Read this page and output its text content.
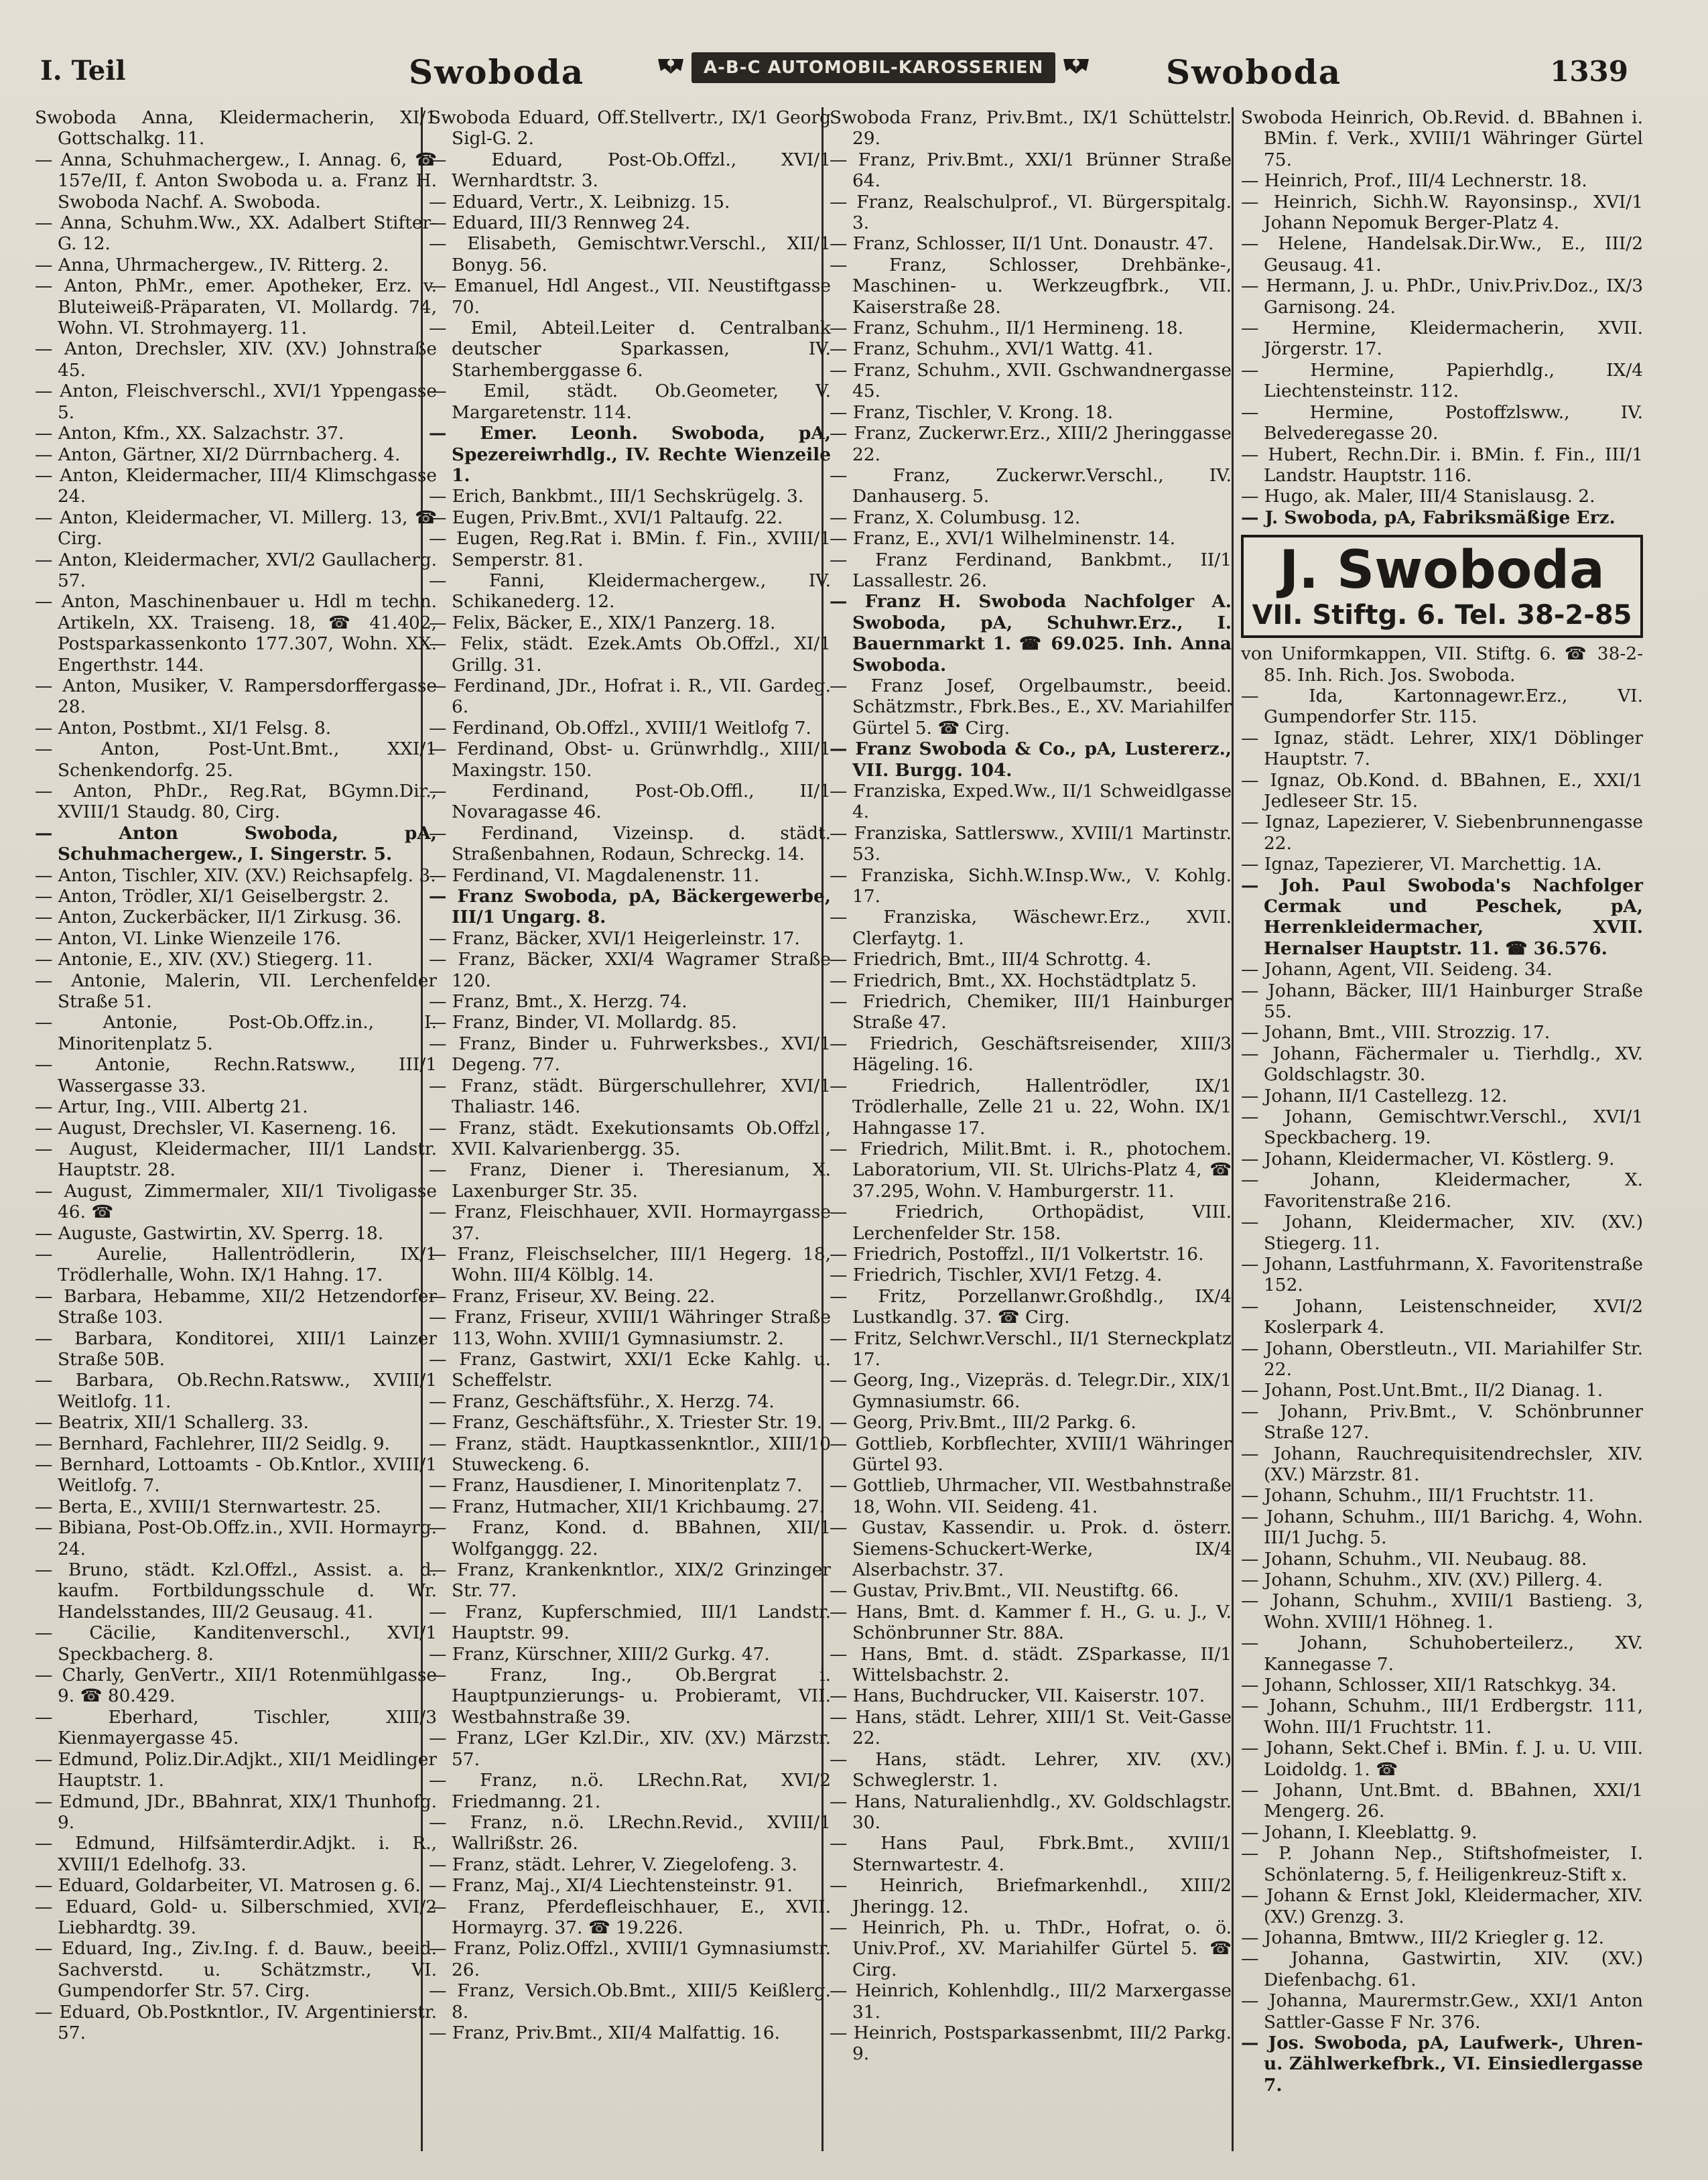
I. Teil	Swoboda	A-B-C AUTOMOBIL-KAROSSERIEN	Swoboda	1339

Swoboda Anna, Kleidermacherin, XI/1 Gottschalkg. 11.

— Anna, Schuhmachergew., I. Annag. 6, ☎ 157e/II, f. Anton Swoboda u. a. Franz H. Swoboda Nachf. A. Swoboda.

— Anna, Schuhm.Ww., XX. Adalbert Stifter-G. 12.

— Anna, Uhrmachergew., IV. Ritterg. 2.

— Anton, PhMr., emer. Apotheker, Erz. v. Bluteiweiß-Präparaten, VI. Mollardg. 74, Wohn. VI. Strohmayerg. 11.

— Anton, Drechsler, XIV. (XV.) Johnstraße 45.

— Anton, Fleischverschl., XVI/1 Yppengasse 5.

— Anton, Kfm., XX. Salzachstr. 37.

— Anton, Gärtner, XI/2 Dürrnbacherg. 4.

— Anton, Kleidermacher, III/4 Klimschgasse 24.

— Anton, Kleidermacher, VI. Millerg. 13, ☎ Cirg.

— Anton, Kleidermacher, XVI/2 Gaullacherg. 57.

— Anton, Maschinenbauer u. Hdl m techn. Artikeln, XX. Traiseng. 18, ☎ 41.402, Postsparkassenkonto 177.307, Wohn. XX. Engerthstr. 144.

— Anton, Musiker, V. Rampersdorffergasse 28.

— Anton, Postbmt., XI/1 Felsg. 8.

— Anton, Post-Unt.Bmt., XXI/1 Schenkendorfg. 25.

— Anton, PhDr., Reg.Rat, BGymn.Dir., XVIII/1 Staudg. 80, Cirg.

— Anton Swoboda, pA, Schuhmachergew., I. Singerstr. 5.

— Anton, Tischler, XIV. (XV.) Reichsapfelg. 3.

— Anton, Trödler, XI/1 Geiselbergstr. 2.

— Anton, Zuckerbäcker, II/1 Zirkusg. 36.

— Anton, VI. Linke Wienzeile 176.

— Antonie, E., XIV. (XV.) Stiegerg. 11.

— Antonie, Malerin, VII. Lerchenfelder Straße 51.

— Antonie, Post-Ob.Offz.in., I. Minoritenplatz 5.

— Antonie, Rechn.Ratsww., III/1 Wassergasse 33.

— Artur, Ing., VIII. Albertg 21.

— August, Drechsler, VI. Kaserneng. 16.

— August, Kleidermacher, III/1 Landstr. Hauptstr. 28.

— August, Zimmermaler, XII/1 Tivoligasse 46. ☎

— Auguste, Gastwirtin, XV. Sperrg. 18.

— Aurelie, Hallentrödlerin, IX/1 Trödlerhalle, Wohn. IX/1 Hahng. 17.

— Barbara, Hebamme, XII/2 Hetzendorfer Straße 103.

— Barbara, Konditorei, XIII/1 Lainzer Straße 50B.

— Barbara, Ob.Rechn.Ratsww., XVIII/1 Weitlofg. 11.

— Beatrix, XII/1 Schallerg. 33.

— Bernhard, Fachlehrer, III/2 Seidlg. 9.

— Bernhard, Lottoamts - Ob.Kntlor., XVIII/1 Weitlofg. 7.

— Berta, E., XVIII/1 Sternwartestr. 25.

— Bibiana, Post-Ob.Offz.in., XVII. Hormayrg. 24.

— Bruno, städt. Kzl.Offzl., Assist. a. d. kaufm. Fortbildungsschule d. Wr. Handelsstandes, III/2 Geusaug. 41.

— Cäcilie, Kanditenverschl., XVI/1 Speckbacherg. 8.

— Charly, GenVertr., XII/1 Rotenmühlgasse 9. ☎ 80.429.

— Eberhard, Tischler, XIII/3 Kienmayergasse 45.

— Edmund, Poliz.Dir.Adjkt., XII/1 Meidlinger Hauptstr. 1.

— Edmund, JDr., BBahnrat, XIX/1 Thunhofg. 9.

— Edmund, Hilfsämterdir.Adjkt. i. R., XVIII/1 Edelhofg. 33.

— Eduard, Goldarbeiter, VI. Matrosen g. 6.

— Eduard, Gold- u. Silberschmied, XVI/2 Liebhardtg. 39.

— Eduard, Ing., Ziv.Ing. f. d. Bauw., beeid. Sachverstd. u. Schätzmstr., VI. Gumpendorfer Str. 57. Cirg.

— Eduard, Ob.Postkntlor., IV. Argentinierstr. 57.

Swoboda Eduard, Off.Stellvertr., IX/1 Georg Sigl-G. 2.

— Eduard, Post-Ob.Offzl., XVI/1 Wernhardtstr. 3.

— Eduard, Vertr., X. Leibnizg. 15.

— Eduard, III/3 Rennweg 24.

— Elisabeth, Gemischtwr.Verschl., XII/1 Bonyg. 56.

— Emanuel, Hdl Angest., VII. Neustiftgasse 70.

— Emil, Abteil.Leiter d. Centralbank deutscher Sparkassen, IV. Starhemberggasse 6.

— Emil, städt. Ob.Geometer, V. Margaretenstr. 114.

— Emer. Leonh. Swoboda, pA, Spezereiwrhdlg., IV. Rechte Wienzeile 1.

— Erich, Bankbmt., III/1 Sechskrügelg. 3.

— Eugen, Priv.Bmt., XVI/1 Paltaufg. 22.

— Eugen, Reg.Rat i. BMin. f. Fin., XVIII/1 Semperstr. 81.

— Fanni, Kleidermachergew., IV. Schikanederg. 12.

— Felix, Bäcker, E., XIX/1 Panzerg. 18.

— Felix, städt. Ezek.Amts Ob.Offzl., XI/1 Grillg. 31.

— Ferdinand, JDr., Hofrat i. R., VII. Gardeg. 6.

— Ferdinand, Ob.Offzl., XVIII/1 Weitlofg 7.

— Ferdinand, Obst- u. Grünwrhdlg., XIII/1 Maxingstr. 150.

— Ferdinand, Post-Ob.Offl., II/1 Novaragasse 46.

— Ferdinand, Vizeinsp. d. städt. Straßenbahnen, Rodaun, Schreckg. 14.

— Ferdinand, VI. Magdalenenstr. 11.

— Franz Swoboda, pA, Bäckergewerbe, III/1 Ungarg. 8.

— Franz, Bäcker, XVI/1 Heigerleinstr. 17.

— Franz, Bäcker, XXI/4 Wagramer Straße 120.

— Franz, Bmt., X. Herzg. 74.

— Franz, Binder, VI. Mollardg. 85.

— Franz, Binder u. Fuhrwerksbes., XVI/1 Degeng. 77.

— Franz, städt. Bürgerschullehrer, XVI/1 Thaliastr. 146.

— Franz, städt. Exekutionsamts Ob.Offzl., XVII. Kalvarienbergg. 35.

— Franz, Diener i. Theresianum, X. Laxenburger Str. 35.

— Franz, Fleischhauer, XVII. Hormayrgasse 37.

— Franz, Fleischselcher, III/1 Hegerg. 18, Wohn. III/4 Kölblg. 14.

— Franz, Friseur, XV. Being. 22.

— Franz, Friseur, XVIII/1 Währinger Straße 113, Wohn. XVIII/1 Gymnasiumstr. 2.

— Franz, Gastwirt, XXI/1 Ecke Kahlg. u. Scheffelstr.

— Franz, Geschäftsführ., X. Herzg. 74.

— Franz, Geschäftsführ., X. Triester Str. 19.

— Franz, städt. Hauptkassenkntlor., XIII/10 Stuweckeng. 6.

— Franz, Hausdiener, I. Minoritenplatz 7.

— Franz, Hutmacher, XII/1 Krichbaumg. 27.

— Franz, Kond. d. BBahnen, XII/1 Wolfganggg. 22.

— Franz, Krankenkntlor., XIX/2 Grinzinger Str. 77.

— Franz, Kupferschmied, III/1 Landstr. Hauptstr. 99.

— Franz, Kürschner, XIII/2 Gurkg. 47.

— Franz, Ing., Ob.Bergrat i. Hauptpunzierungs- u. Probieramt, VII. Westbahnstraße 39.

— Franz, LGer Kzl.Dir., XIV. (XV.) Märzstr. 57.

— Franz, n.ö. LRechn.Rat, XVI/2 Friedmanng. 21.

— Franz, n.ö. LRechn.Revid., XVIII/1 Wallrißstr. 26.

— Franz, städt. Lehrer, V. Ziegelofeng. 3.

— Franz, Maj., XI/4 Liechtensteinstr. 91.

— Franz, Pferdefleischhauer, E., XVII. Hormayrg. 37. ☎ 19.226.

— Franz, Poliz.Offzl., XVIII/1 Gymnasiumstr. 26.

— Franz, Versich.Ob.Bmt., XIII/5 Keißlerg. 8.

— Franz, Priv.Bmt., XII/4 Malfattig. 16.

Swoboda Franz, Priv.Bmt., IX/1 Schüttelstr. 29.

— Franz, Priv.Bmt., XXI/1 Brünner Straße 64.

— Franz, Realschulprof., VI. Bürgerspitalg. 3.

— Franz, Schlosser, II/1 Unt. Donaustr. 47.

— Franz, Schlosser, Drehbänke-, Maschinen- u. Werkzeugfbrk., VII. Kaiserstraße 28.

— Franz, Schuhm., II/1 Hermineng. 18.

— Franz, Schuhm., XVI/1 Wattg. 41.

— Franz, Schuhm., XVII. Gschwandnergasse 45.

— Franz, Tischler, V. Krong. 18.

— Franz, Zuckerwr.Erz., XIII/2 Jheringgasse 22.

— Franz, Zuckerwr.Verschl., IV. Danhauserg. 5.

— Franz, X. Columbusg. 12.

— Franz, E., XVI/1 Wilhelminenstr. 14.

— Franz Ferdinand, Bankbmt., II/1 Lassallestr. 26.

— Franz H. Swoboda Nachfolger A. Swoboda, pA, Schuhwr.Erz., I. Bauernmarkt 1. ☎ 69.025. Inh. Anna Swoboda.

— Franz Josef, Orgelbaumstr., beeid. Schätzmstr., Fbrk.Bes., E., XV. Mariahilfer Gürtel 5. ☎ Cirg.

— Franz Swoboda & Co., pA, Lustererz., VII. Burgg. 104.

— Franziska, Exped.Ww., II/1 Schweidlgasse 4.

— Franziska, Sattlersww., XVIII/1 Martinstr. 53.

— Franziska, Sichh.W.Insp.Ww., V. Kohlg. 17.

— Franziska, Wäschewr.Erz., XVII. Clerfaytg. 1.

— Friedrich, Bmt., III/4 Schrottg. 4.

— Friedrich, Bmt., XX. Hochstädtplatz 5.

— Friedrich, Chemiker, III/1 Hainburger Straße 47.

— Friedrich, Geschäftsreisender, XIII/3 Hägeling. 16.

— Friedrich, Hallentrödler, IX/1 Trödlerhalle, Zelle 21 u. 22, Wohn. IX/1 Hahngasse 17.

— Friedrich, Milit.Bmt. i. R., photochem. Laboratorium, VII. St. Ulrichs-Platz 4, ☎ 37.295, Wohn. V. Hamburgerstr. 11.

— Friedrich, Orthopädist, VIII. Lerchenfelder Str. 158.

— Friedrich, Postoffzl., II/1 Volkertstr. 16.

— Friedrich, Tischler, XVI/1 Fetzg. 4.

— Fritz, Porzellanwr.Großhdlg., IX/4 Lustkandlg. 37. ☎ Cirg.

— Fritz, Selchwr.Verschl., II/1 Sterneckplatz 17.

— Georg, Ing., Vizepräs. d. Telegr.Dir., XIX/1 Gymnasiumstr. 66.

— Georg, Priv.Bmt., III/2 Parkg. 6.

— Gottlieb, Korbflechter, XVIII/1 Währinger Gürtel 93.

— Gottlieb, Uhrmacher, VII. Westbahnstraße 18, Wohn. VII. Seideng. 41.

— Gustav, Kassendir. u. Prok. d. österr. Siemens-Schuckert-Werke, IX/4 Alserbachstr. 37.

— Gustav, Priv.Bmt., VII. Neustiftg. 66.

— Hans, Bmt. d. Kammer f. H., G. u. J., V. Schönbrunner Str. 88A.

— Hans, Bmt. d. städt. ZSparkasse, II/1 Wittelsbachstr. 2.

— Hans, Buchdrucker, VII. Kaiserstr. 107.

— Hans, städt. Lehrer, XIII/1 St. Veit-Gasse 22.

— Hans, städt. Lehrer, XIV. (XV.) Schweglerstr. 1.

— Hans, Naturalienhdlg., XV. Goldschlagstr. 30.

— Hans Paul, Fbrk.Bmt., XVIII/1 Sternwartestr. 4.

— Heinrich, Briefmarkenhdl., XIII/2 Jheringg. 12.

— Heinrich, Ph. u. ThDr., Hofrat, o. ö. Univ.Prof., XV. Mariahilfer Gürtel 5. ☎ Cirg.

— Heinrich, Kohlenhdlg., III/2 Marxergasse 31.

— Heinrich, Postsparkassenbmt, III/2 Parkg. 9.

Swoboda Heinrich, Ob.Revid. d. BBahnen i. BMin. f. Verk., XVIII/1 Währinger Gürtel 75.

— Heinrich, Prof., III/4 Lechnerstr. 18.

— Heinrich, Sichh.W. Rayonsinsp., XVI/1 Johann Nepomuk Berger-Platz 4.

— Helene, Handelsak.Dir.Ww., E., III/2 Geusaug. 41.

— Hermann, J. u. PhDr., Univ.Priv.Doz., IX/3 Garnisong. 24.

— Hermine, Kleidermacherin, XVII. Jörgerstr. 17.

— Hermine, Papierhdlg., IX/4 Liechtensteinstr. 112.

— Hermine, Postoffzlsww., IV. Belvederegasse 20.

— Hubert, Rechn.Dir. i. BMin. f. Fin., III/1 Landstr. Hauptstr. 116.

— Hugo, ak. Maler, III/4 Stanislausg. 2.

— J. Swoboda, pA, Fabriksmäßige Erz.

J. Swoboda
VII. Stiftg. 6. Tel. 38-2-85

von Uniformkappen, VII. Stiftg. 6. ☎ 38-2-85. Inh. Rich. Jos. Swoboda.

— Ida, Kartonnagewr.Erz., VI. Gumpendorfer Str. 115.

— Ignaz, städt. Lehrer, XIX/1 Döblinger Hauptstr. 7.

— Ignaz, Ob.Kond. d. BBahnen, E., XXI/1 Jedleseer Str. 15.

— Ignaz, Lapezierer, V. Siebenbrunnengasse 22.

— Ignaz, Tapezierer, VI. Marchettig. 1A.

— Joh. Paul Swoboda's Nachfolger Cermak und Peschek, pA, Herrenkleidermacher, XVII. Hernalser Hauptstr. 11. ☎ 36.576.

— Johann, Agent, VII. Seideng. 34.

— Johann, Bäcker, III/1 Hainburger Straße 55.

— Johann, Bmt., VIII. Strozzig. 17.

— Johann, Fächermaler u. Tierhdlg., XV. Goldschlagstr. 30.

— Johann, II/1 Castellezg. 12.

— Johann, Gemischtwr.Verschl., XVI/1 Speckbacherg. 19.

— Johann, Kleidermacher, VI. Köstlerg. 9.

— Johann, Kleidermacher, X. Favoritenstraße 216.

— Johann, Kleidermacher, XIV. (XV.) Stiegerg. 11.

— Johann, Lastfuhrmann, X. Favoritenstraße 152.

— Johann, Leistenschneider, XVI/2 Koslerpark 4.

— Johann, Oberstleutn., VII. Mariahilfer Str. 22.

— Johann, Post.Unt.Bmt., II/2 Dianag. 1.

— Johann, Priv.Bmt., V. Schönbrunner Straße 127.

— Johann, Rauchrequisitendrechsler, XIV. (XV.) Märzstr. 81.

— Johann, Schuhm., III/1 Fruchtstr. 11.

— Johann, Schuhm., III/1 Barichg. 4, Wohn. III/1 Juchg. 5.

— Johann, Schuhm., VII. Neubaug. 88.

— Johann, Schuhm., XIV. (XV.) Pillerg. 4.

— Johann, Schuhm., XVIII/1 Bastieng. 3, Wohn. XVIII/1 Höhneg. 1.

— Johann, Schuhoberteilerz., XV. Kannegasse 7.

— Johann, Schlosser, XII/1 Ratschkyg. 34.

— Johann, Schuhm., III/1 Erdbergstr. 111, Wohn. III/1 Fruchtstr. 11.

— Johann, Sekt.Chef i. BMin. f. J. u. U. VIII. Loidoldg. 1. ☎

— Johann, Unt.Bmt. d. BBahnen, XXI/1 Mengerg. 26.

— Johann, I. Kleeblattg. 9.

— P. Johann Nep., Stiftshofmeister, I. Schönlaterng. 5, f. Heiligenkreuz-Stift x.

— Johann & Ernst Jokl, Kleidermacher, XIV. (XV.) Grenzg. 3.

— Johanna, Bmtww., III/2 Kriegler g. 12.

— Johanna, Gastwirtin, XIV. (XV.) Diefenbachg. 61.

— Johanna, Maurermstr.Gew., XXI/1 Anton Sattler-Gasse F Nr. 376.

— Jos. Swoboda, pA, Laufwerk-, Uhren- u. Zählwerkefbrk., VI. Einsiedlergasse 7.
